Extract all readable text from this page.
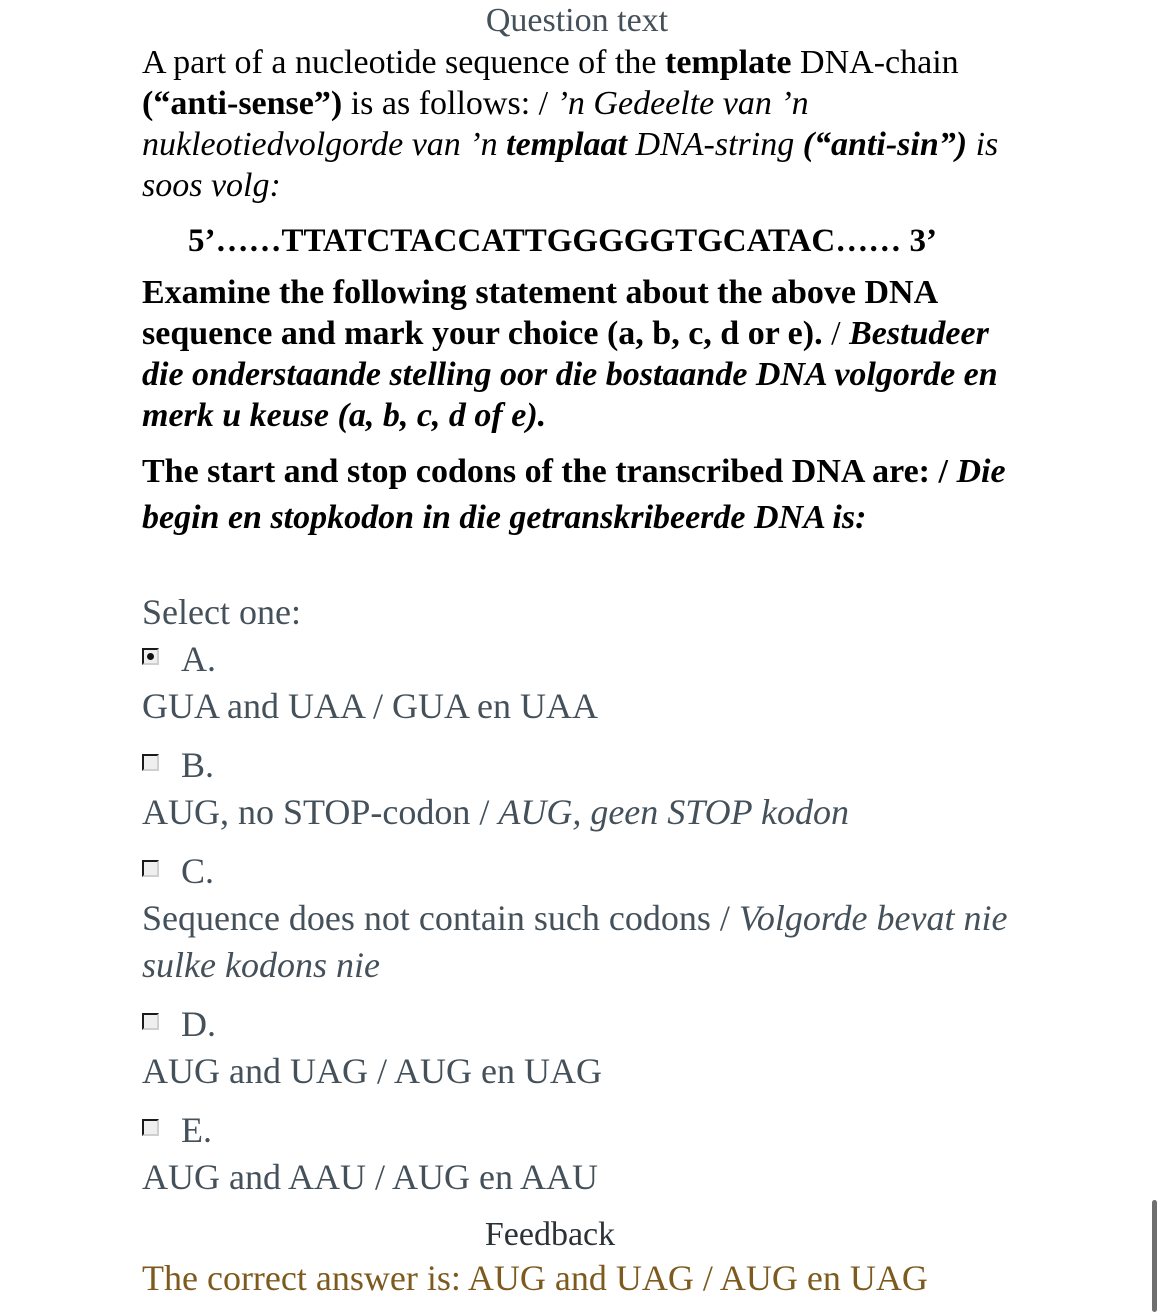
Question text
A part of a nucleotide sequence of the template DNA-chain (“anti-sense”) is as follows: / ’n Gedeelte van ’n nukleotiedvolgorde van ’n templaat DNA-string (“anti-sin”) is soos volg:
5’……TTATCTACCATTGGGGGTGCATAC…… 3’
Examine the following statement about the above DNA sequence and mark your choice (a, b, c, d or e). / Bestudeer die onderstaande stelling oor die bostaande DNA volgorde en merk u keuse (a, b, c, d of e).
The start and stop codons of the transcribed DNA are: / Die begin en stopkodon in die getranskribeerde DNA is:
Select one:
A.
GUA and UAA / GUA en UAA
B.
AUG, no STOP-codon / AUG, geen STOP kodon
C.
Sequence does not contain such codons / Volgorde bevat nie sulke kodons nie
D.
AUG and UAG / AUG en UAG
E.
AUG and AAU / AUG en AAU
Feedback
The correct answer is: AUG and UAG / AUG en UAG
